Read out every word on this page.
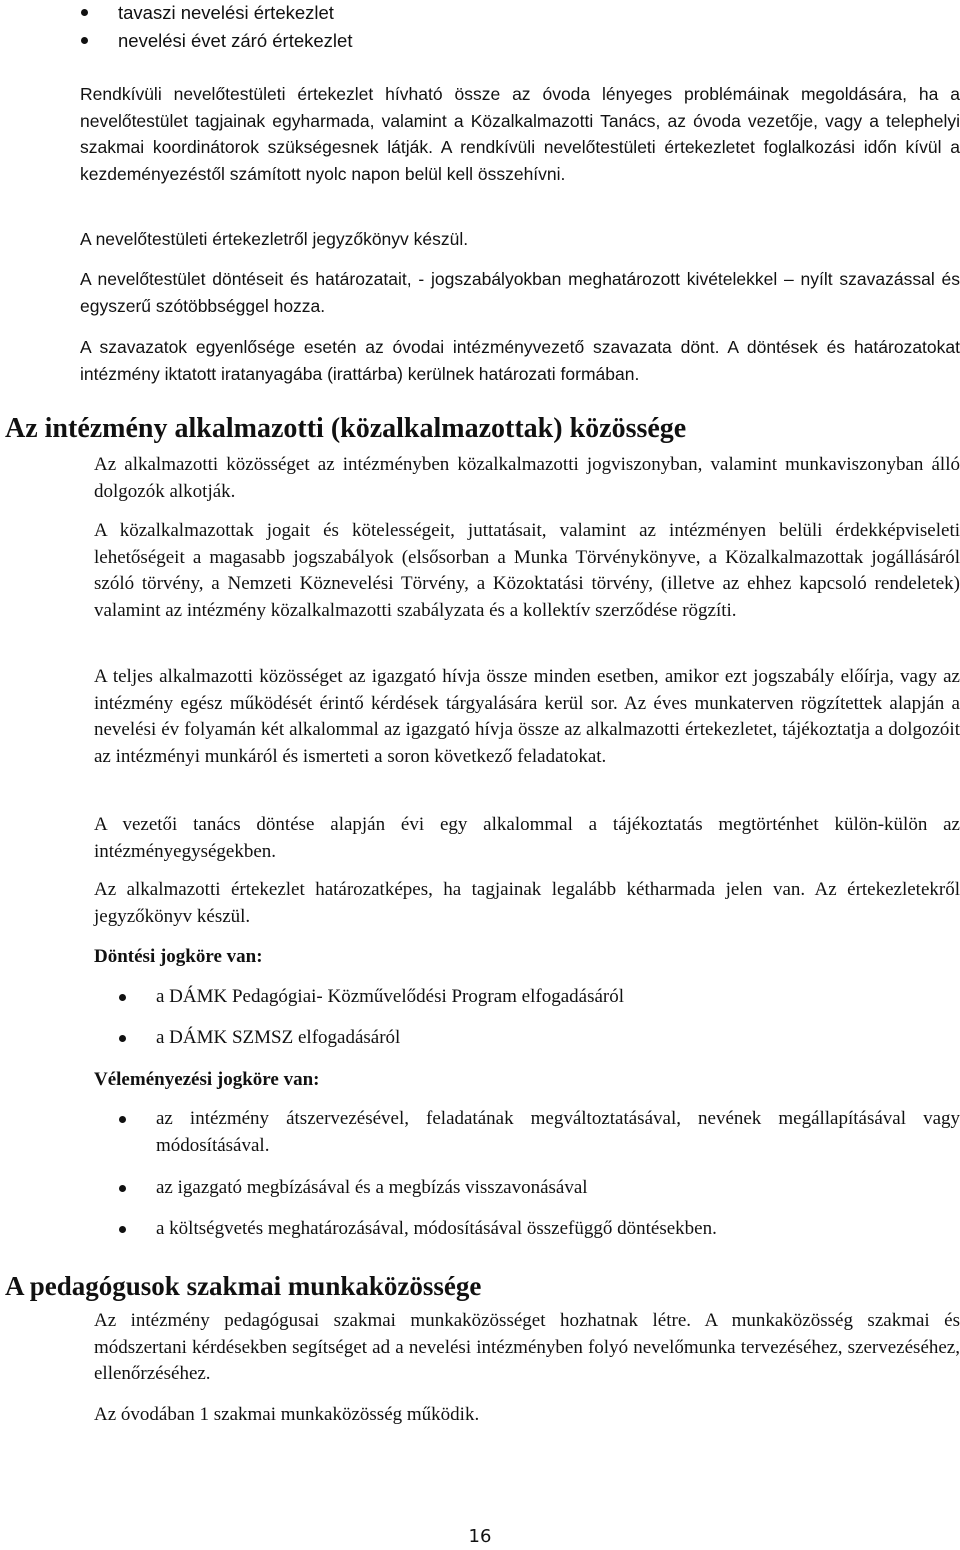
tavaszi nevelési értekezlet
nevelési évet záró értekezlet

Rendkívüli nevelőtestületi értekezlet hívható össze az óvoda lényeges problémáinak megoldására, ha a nevelőtestület tagjainak egyharmada, valamint a Közalkalmazotti Tanács, az óvoda vezetője, vagy a telephelyi szakmai koordinátorok szükségesnek látják. A rendkívüli nevelőtestületi értekezletet foglalkozási időn kívül a kezdeményezéstől számított nyolc napon belül kell összehívni.

A nevelőtestületi értekezletről jegyzőkönyv készül.

A nevelőtestület döntéseit és határozatait, - jogszabályokban meghatározott kivételekkel – nyílt szavazással és egyszerű szótöbbséggel hozza.

A szavazatok egyenlősége esetén az óvodai intézményvezető szavazata dönt. A döntések és határozatokat intézmény iktatott iratanyagába (irattárba) kerülnek határozati formában.

Az intézmény alkalmazotti (közalkalmazottak) közössége

Az alkalmazotti közösséget az intézményben közalkalmazotti jogviszonyban, valamint munkaviszonyban álló dolgozók alkotják.

A közalkalmazottak jogait és kötelességeit, juttatásait, valamint az intézményen belüli érdekképviseleti lehetőségeit a magasabb jogszabályok (elsősorban a Munka Törvénykönyve, a Közalkalmazottak jogállásáról szóló törvény, a Nemzeti Köznevelési Törvény, a Közoktatási törvény, (illetve az ehhez kapcsoló rendeletek) valamint az intézmény közalkalmazotti szabályzata és a kollektív szerződése rögzíti.

A teljes alkalmazotti közösséget az igazgató hívja össze minden esetben, amikor ezt jogszabály előírja, vagy az intézmény egész működését érintő kérdések tárgyalására kerül sor. Az éves munkaterven rögzítettek alapján a nevelési év folyamán két alkalommal az igazgató hívja össze az alkalmazotti értekezletet, tájékoztatja a dolgozóit az intézményi munkáról és ismerteti a soron következő feladatokat.

A vezetői tanács döntése alapján évi egy alkalommal a tájékoztatás megtörténhet külön-külön az intézményegységekben.

Az alkalmazotti értekezlet határozatképes, ha tagjainak legalább kétharmada jelen van. Az értekezletekről jegyzőkönyv készül.

Döntési jogköre van:

a DÁMK Pedagógiai- Közművelődési Program elfogadásáról
a DÁMK SZMSZ elfogadásáról

Véleményezési jogköre van:

az intézmény átszervezésével, feladatának megváltoztatásával, nevének megállapításával vagy módosításával.

az igazgató megbízásával és a megbízás visszavonásával
a költségvetés meghatározásával, módosításával összefüggő döntésekben.
A pedagógusok szakmai munkaközössége

Az intézmény pedagógusai szakmai munkaközösséget hozhatnak létre. A munkaközösség szakmai és módszertani kérdésekben segítséget ad a nevelési intézményben folyó nevelőmunka tervezéséhez, szervezéséhez, ellenőrzéséhez.

Az óvodában 1 szakmai munkaközösség működik.

16
